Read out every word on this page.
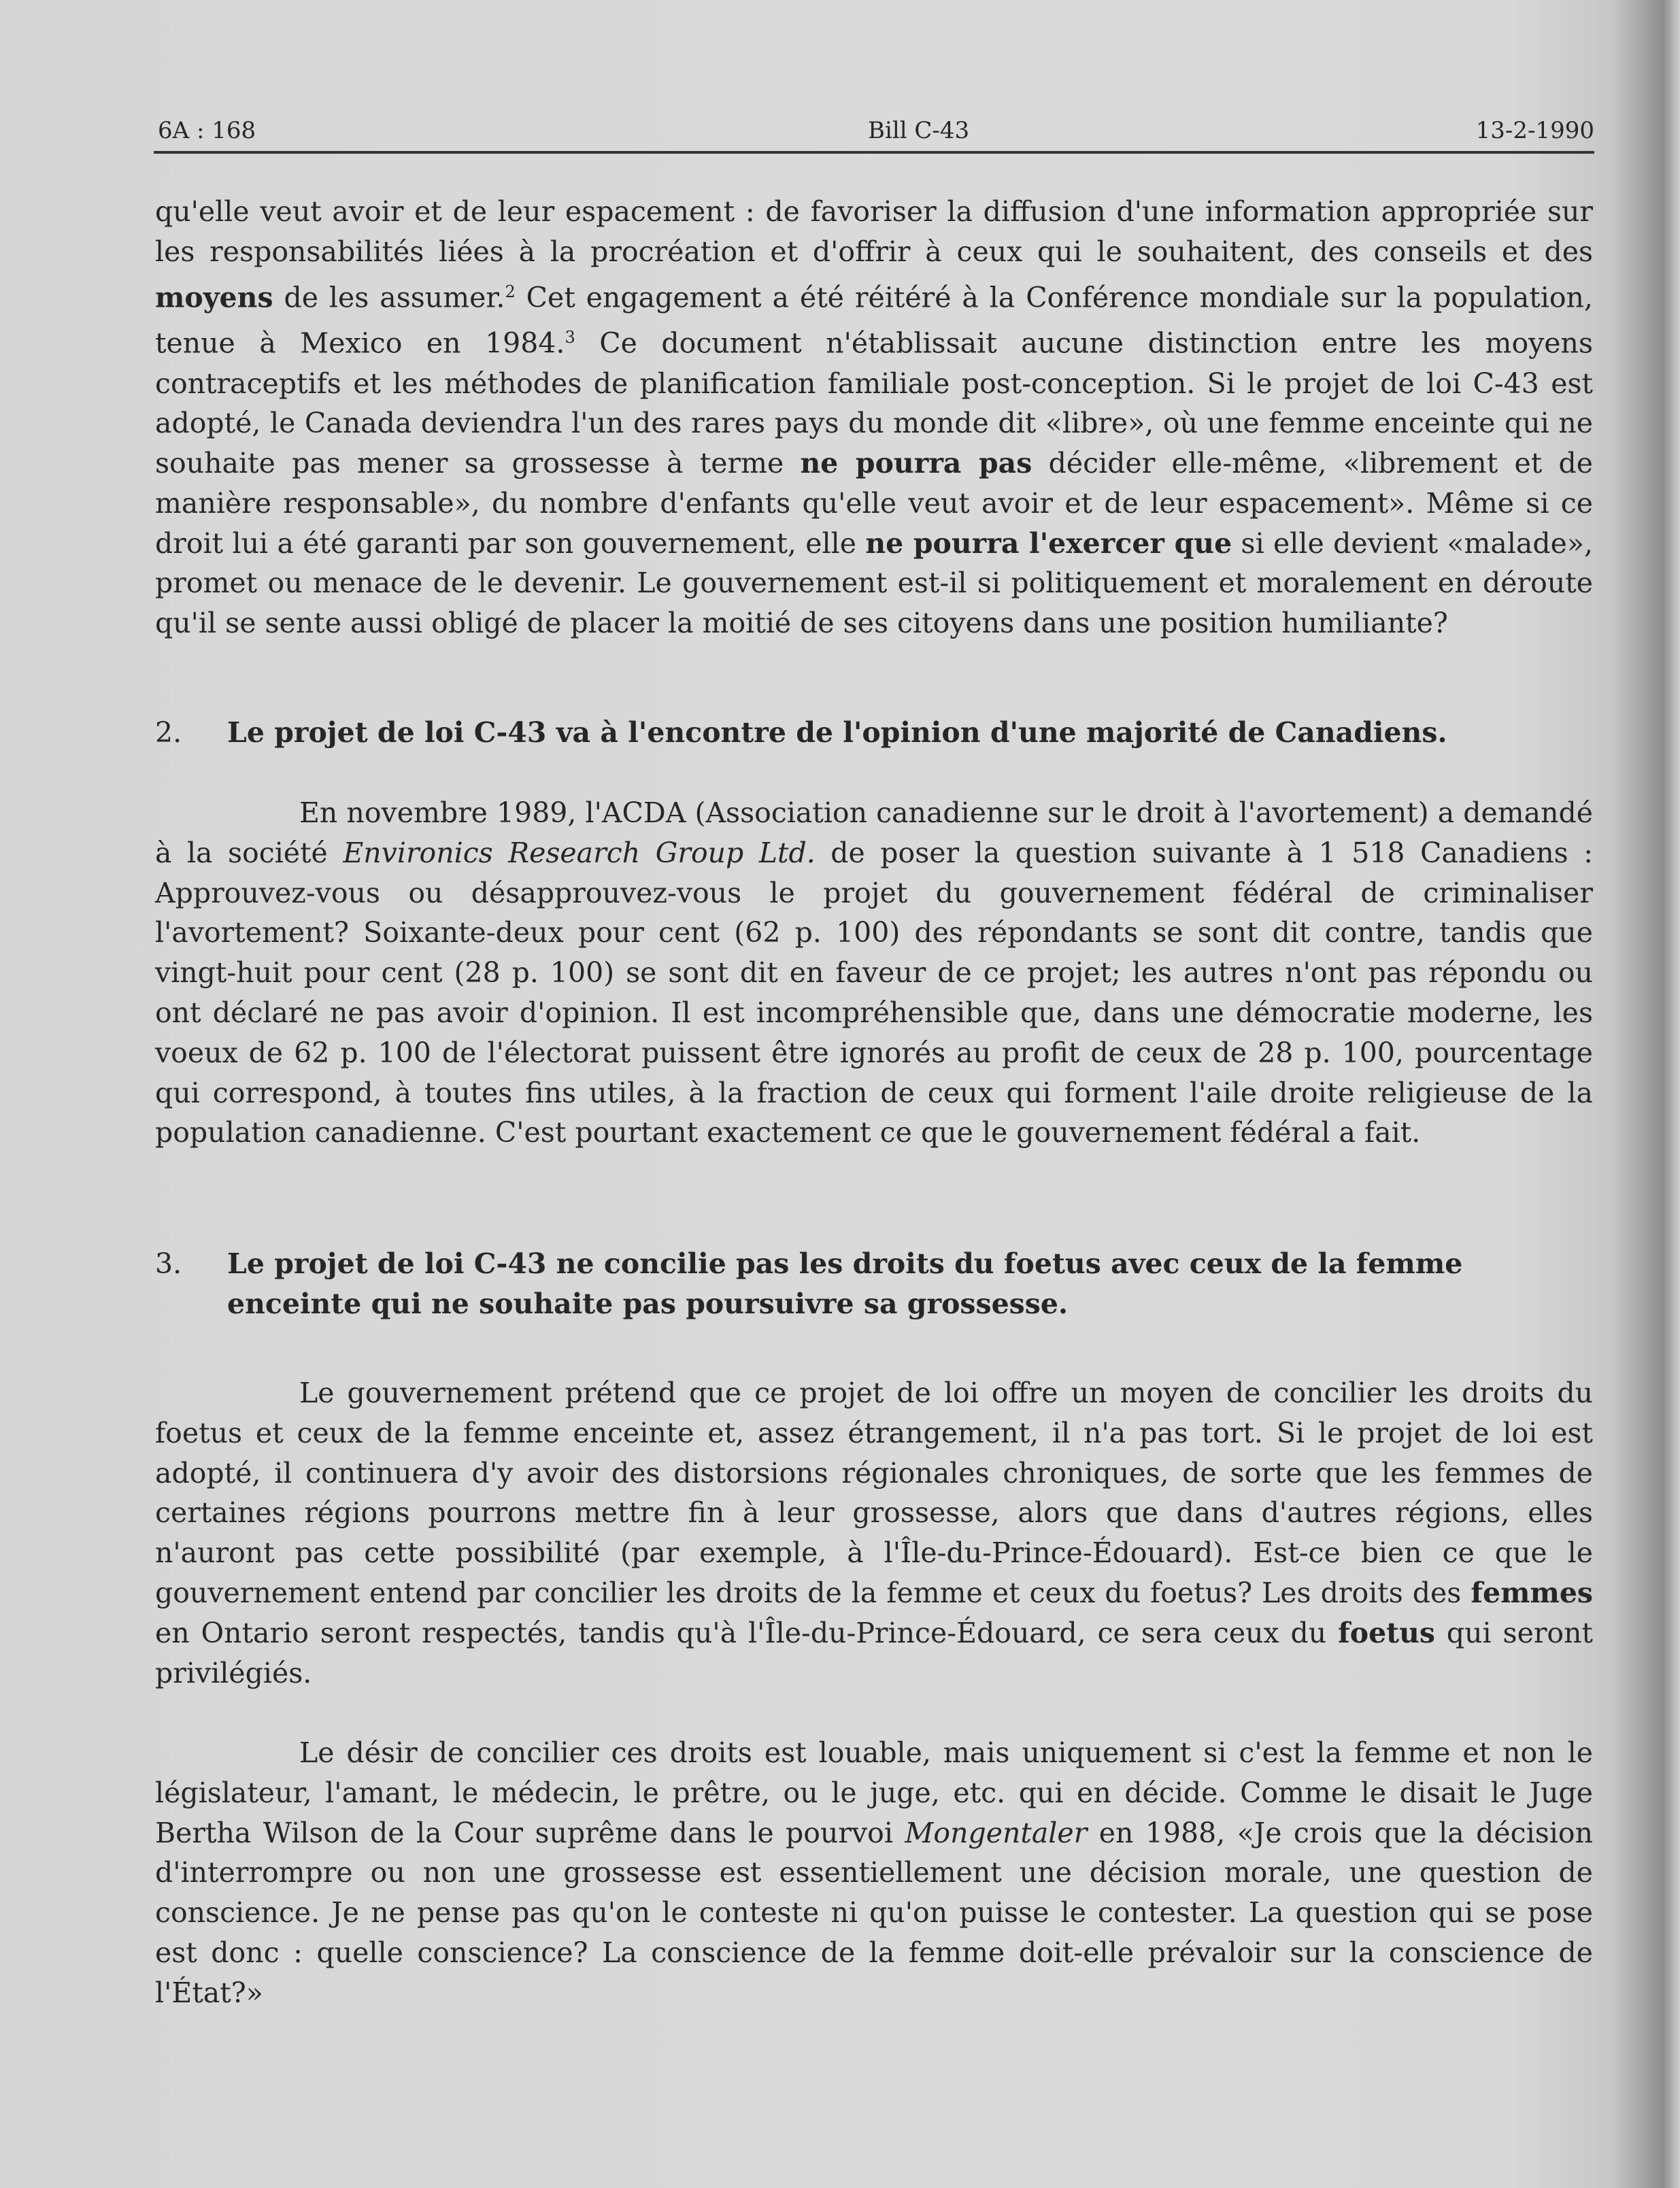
6A : 168	Bill C-43	13-2-1990

qu'elle veut avoir et de leur espacement : de favoriser la diffusion d'une information appropriée sur les responsabilités liées à la procréation et d'offrir à ceux qui le souhaitent, des conseils et des moyens de les assumer.$^2$ Cet engagement a été réitéré à la Conférence mondiale sur la population, tenue à Mexico en 1984.$^3$ Ce document n'établissait aucune distinction entre les moyens contraceptifs et les méthodes de planification familiale post-conception. Si le projet de loi C-43 est adopté, le Canada deviendra l'un des rares pays du monde dit «libre», où une femme enceinte qui ne souhaite pas mener sa grossesse à terme ne pourra pas décider elle-même, «librement et de manière responsable», du nombre d'enfants qu'elle veut avoir et de leur espacement». Même si ce droit lui a été garanti par son gouvernement, elle ne pourra l'exercer que si elle devient «malade», promet ou menace de le devenir. Le gouvernement est-il si politiquement et moralement en déroute qu'il se sente aussi obligé de placer la moitié de ses citoyens dans une position humiliante?

2. Le projet de loi C-43 va à l'encontre de l'opinion d'une majorité de Canadiens.

En novembre 1989, l'ACDA (Association canadienne sur le droit à l'avortement) a demandé à la société Environics Research Group Ltd. de poser la question suivante à 1 518 Canadiens : Approuvez-vous ou désapprouvez-vous le projet du gouvernement fédéral de criminaliser l'avortement? Soixante-deux pour cent (62 p. 100) des répondants se sont dit contre, tandis que vingt-huit pour cent (28 p. 100) se sont dit en faveur de ce projet; les autres n'ont pas répondu ou ont déclaré ne pas avoir d'opinion. Il est incompréhensible que, dans une démocratie moderne, les voeux de 62 p. 100 de l'électorat puissent être ignorés au profit de ceux de 28 p. 100, pourcentage qui correspond, à toutes fins utiles, à la fraction de ceux qui forment l'aile droite religieuse de la population canadienne. C'est pourtant exactement ce que le gouvernement fédéral a fait.

3. Le projet de loi C-43 ne concilie pas les droits du foetus avec ceux de la femme enceinte qui ne souhaite pas poursuivre sa grossesse.

Le gouvernement prétend que ce projet de loi offre un moyen de concilier les droits du foetus et ceux de la femme enceinte et, assez étrangement, il n'a pas tort. Si le projet de loi est adopté, il continuera d'y avoir des distorsions régionales chroniques, de sorte que les femmes de certaines régions pourrons mettre fin à leur grossesse, alors que dans d'autres régions, elles n'auront pas cette possibilité (par exemple, à l'Île-du-Prince-Édouard). Est-ce bien ce que le gouvernement entend par concilier les droits de la femme et ceux du foetus? Les droits des femmes en Ontario seront respectés, tandis qu'à l'Île-du-Prince-Édouard, ce sera ceux du foetus qui seront privilégiés.

Le désir de concilier ces droits est louable, mais uniquement si c'est la femme et non le législateur, l'amant, le médecin, le prêtre, ou le juge, etc. qui en décide. Comme le disait le Juge Bertha Wilson de la Cour suprême dans le pourvoi Mongentaler en 1988, «Je crois que la décision d'interrompre ou non une grossesse est essentiellement une décision morale, une question de conscience. Je ne pense pas qu'on le conteste ni qu'on puisse le contester. La question qui se pose est donc : quelle conscience? La conscience de la femme doit-elle prévaloir sur la conscience de l'État?»
